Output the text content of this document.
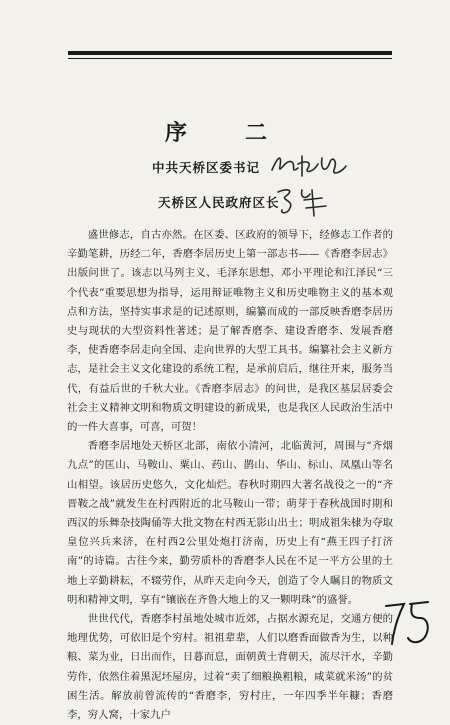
序　二
中共天桥区委书记
天桥区人民政府区长

盛世修志，自古亦然。在区委、区政府的领导下，经修志工作者的辛勤笔耕，历经二年，香磨李居历史上第一部志书——《香磨李居志》出版问世了。该志以马列主义、毛泽东思想、邓小平理论和江泽民“三个代表”重要思想为指导，运用辩证唯物主义和历史唯物主义的基本观点和方法，坚持实事求是的记述原则，编纂而成的一部反映香磨李居历史与现状的大型资料性著述；是了解香磨李、建设香磨李、发展香磨李，使香磨李居走向全国、走向世界的大型工具书。编纂社会主义新方志，是社会主义文化建设的系统工程，是承前启后，继往开来，服务当代，有益后世的千秋大业。《香磨李居志》的问世，是我区基层居委会社会主义精神文明和物质文明建设的新成果，也是我区人民政治生活中的一件大喜事，可喜，可贺！

香磨李居地处天桥区北部，南依小清河，北临黄河，周围与“齐烟九点”的匡山、马鞍山、粟山、药山、鹊山、华山、标山、凤凰山等名山相望。该居历史悠久，文化灿烂。春秋时期四大著名战役之一的“齐晋鞍之战”就发生在村西附近的北马鞍山一带；萌芽于春秋战国时期和西汉的乐舞杂技陶俑等大批文物在村西无影山出土；明成祖朱棣为夺取皇位兴兵来济，在村西2公里处炮打济南，历史上有“燕王四子打济南”的诗篇。古往今来，勤劳质朴的香磨李人民在不足一平方公里的土地上辛勤耕耘，不辍劳作，从昨天走向今天，创造了令人瞩目的物质文明和精神文明，享有“镶嵌在齐鲁大地上的又一颗明珠”的盛誉。

世世代代，香磨李村虽地处城市近郊，占据水源充足，交通方便的地理优势，可依旧是个穷村。祖祖辈辈，人们以磨香面做香为生，以种粮、菜为业，日出而作，日暮而息，面朝黄土背朝天，流尽汗水，辛勤劳作，依然住着黑泥坯屋房，过着“卖了细粮换粗粮，咸菜就米汤”的贫困生活。解放前曾流传的“香磨李，穷村庄，一年四季半年糠；香磨李，穷人窝，十家九户
